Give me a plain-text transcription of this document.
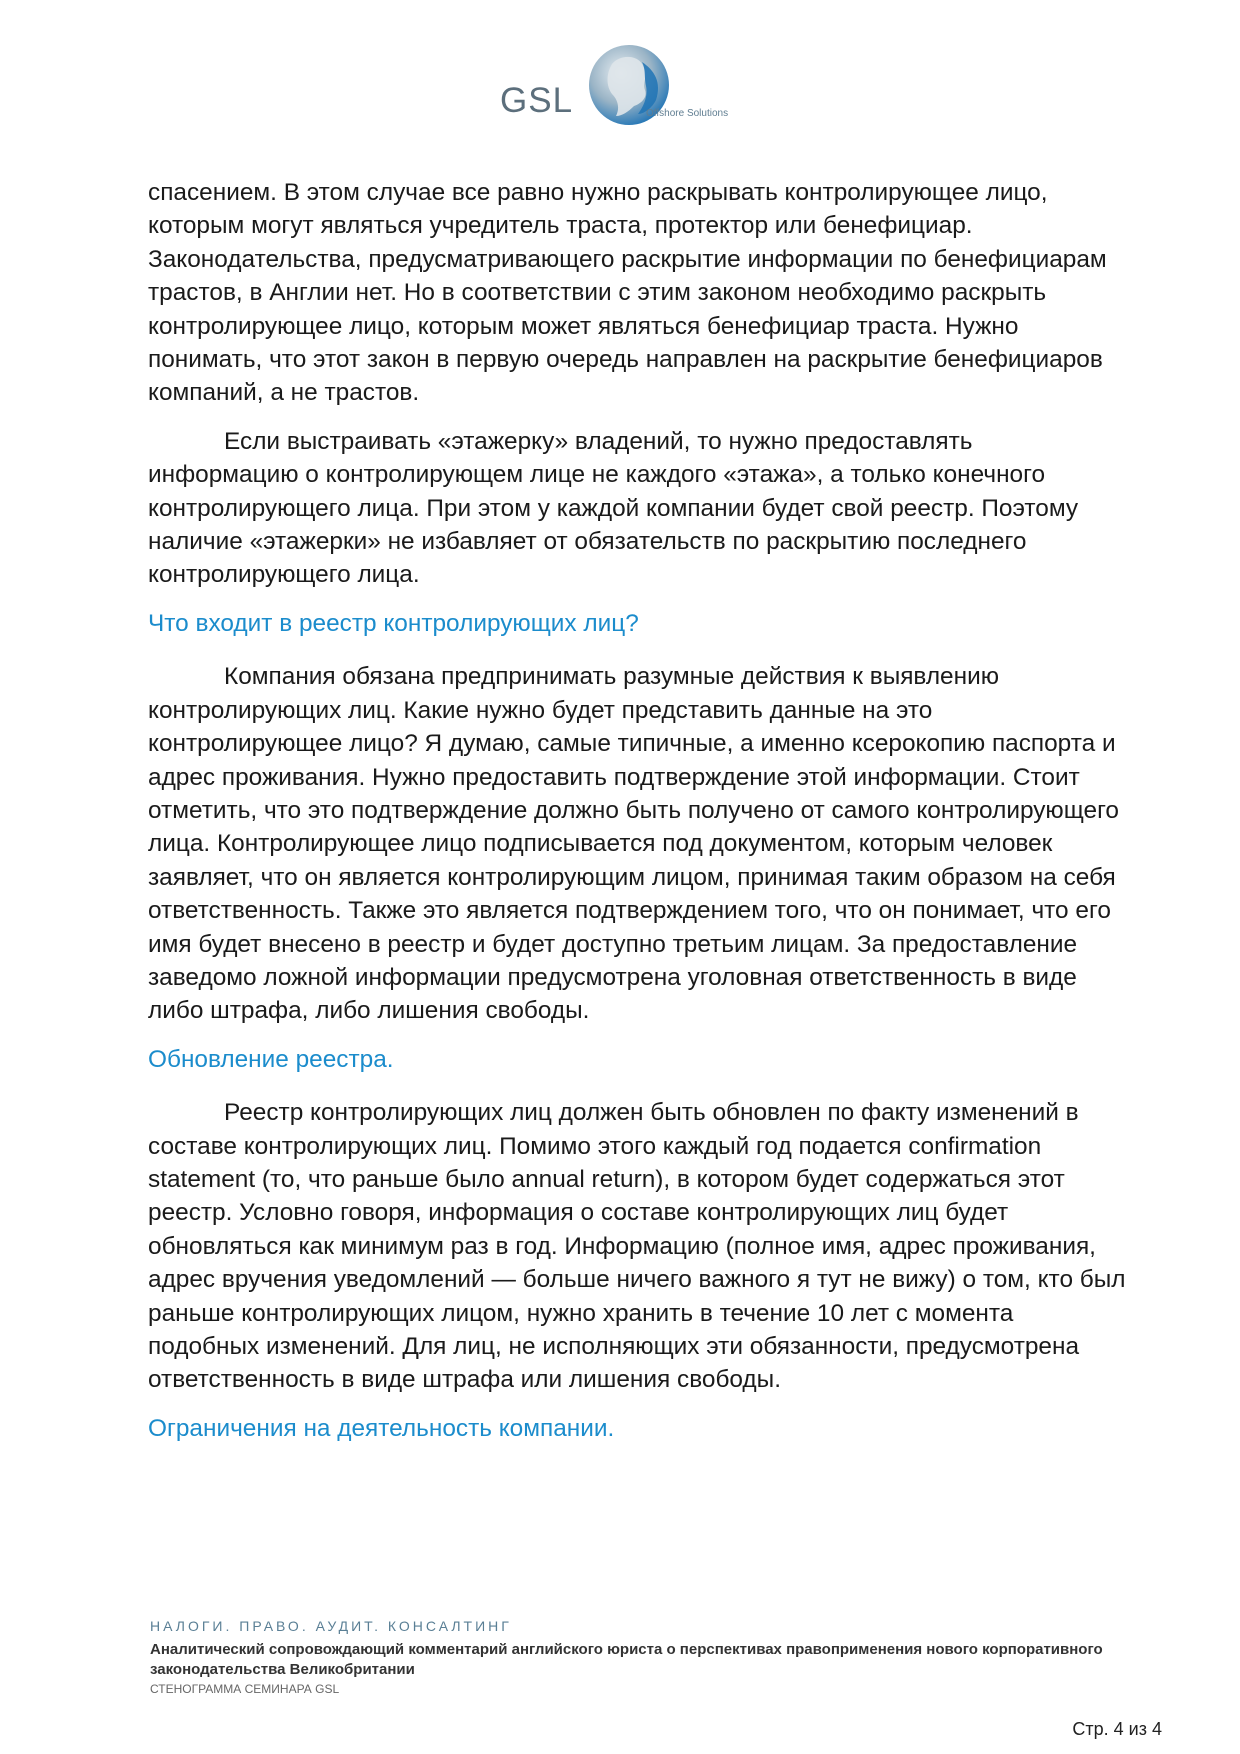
GSL	Offshore Solutions

спасением. В этом случае все равно нужно раскрывать контролирующее лицо, которым могут являться учредитель траста, протектор или бенефициар. Законодательства, предусматривающего раскрытие информации по бенефициарам трастов, в Англии нет. Но в соответствии с этим законом необходимо раскрыть контролирующее лицо, которым может являться бенефициар траста. Нужно понимать, что этот закон в первую очередь направлен на раскрытие бенефициаров компаний, а не трастов.

Если выстраивать «этажерку» владений, то нужно предоставлять информацию о контролирующем лице не каждого «этажа», а только конечного контролирующего лица. При этом у каждой компании будет свой реестр. Поэтому наличие «этажерки» не избавляет от обязательств по раскрытию последнего контролирующего лица.

Что входит в реестр контролирующих лиц?

Компания обязана предпринимать разумные действия к выявлению контролирующих лиц. Какие нужно будет представить данные на это контролирующее лицо? Я думаю, самые типичные, а именно ксерокопию паспорта и адрес проживания. Нужно предоставить подтверждение этой информации. Стоит отметить, что это подтверждение должно быть получено от самого контролирующего лица. Контролирующее лицо подписывается под документом, которым человек заявляет, что он является контролирующим лицом, принимая таким образом на себя ответственность. Также это является подтверждением того, что он понимает, что его имя будет внесено в реестр и будет доступно третьим лицам. За предоставление заведомо ложной информации предусмотрена уголовная ответственность в виде либо штрафа, либо лишения свободы.

Обновление реестра.

Реестр контролирующих лиц должен быть обновлен по факту изменений в составе контролирующих лиц. Помимо этого каждый год подается confirmation statement (то, что раньше было annual return), в котором будет содержаться этот реестр. Условно говоря, информация о составе контролирующих лиц будет обновляться как минимум раз в год. Информацию (полное имя, адрес проживания, адрес вручения уведомлений — больше ничего важного я тут не вижу) о том, кто был раньше контролирующих лицом, нужно хранить в течение 10 лет с момента подобных изменений. Для лиц, не исполняющих эти обязанности, предусмотрена ответственность в виде штрафа или лишения свободы.

Ограничения на деятельность компании.

НАЛОГИ. ПРАВО. АУДИТ. КОНСАЛТИНГ
Аналитический сопровождающий комментарий английского юриста о перспективах правоприменения нового корпоративного законодательства Великобритании
СТЕНОГРАММА СЕМИНАРА GSL
Стр. 4 из 4
